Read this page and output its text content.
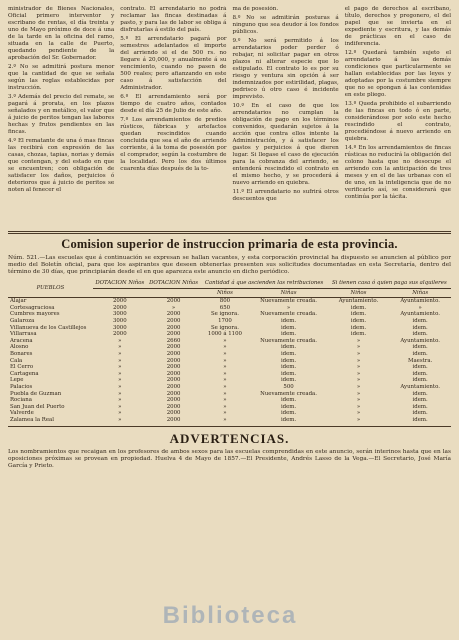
ministrador de Bienes Nacionales, Oficial primero interventor y escribano de rentas, el día treinta y uno de Mayo próximo de doce á una de la tarde en la oficina del ramo, situada en la calle de Puerto, quedando pendiente de la aprobación del Sr. Gobernador.

2.º No se admitirá postura menor que la cantidad de que se señala según las reglas establecidas por instrucción.

3.º Además del precio del remate, se pagará á prorata, en los plazos señalados y en metálico, el valor que á juicio de peritos tengan las labores hechas y frutos pendientes en las fincas.

4.º El rematante de una ó mas fincas las recibirá con expresión de las casas, chozas, tapias, norias y demás que contengan, y del estado en que se encuentren; con obligación de satisfacer los daños, perjuicios ó deterioros que á juicio de peritos se noten al fenecer el

contrato. El arrendatario no podrá reclamar las fincas destinadas á pasto, y para las de labor se obliga á disfrutarlas á estilo del país.

5.º El arrendatario pagará por semestres adelantados el importe del arriendo si el de 500 rs. no llegare á 20,000, y anualmente á su vencimiento, cuando no pasen de 500 reales; pero afianzando en este caso á satisfacción del Administrador.

6.º El arrendamiento será por tiempo de cuatro años, contados desde el día 25 de Julio de este año.

7.º Los arrendamientos de predios rústicos, fábricas y artefactos quedan rescindidos cuando concluida que sea el año de arriendo corriente, á la toma de posesión por el comprador, según la costumbre de la localidad. Pero los dos últimos cuarenta días después de la to-

ma de posesión.

8.º No se admitirán posturas á ninguno que sea deudor á los fondos públicos.

9.º No será permitido á los arrendatarios poder perder ó rebajar, ni solicitar pagar en otros plazos ni alterar especie que lo estipulado. El contrato lo es por su riesgo y ventura sin opción á ser indemnizados por estirilidad, plagas, pedrisco ú otro caso é incidente imprevisto.

10.º En el caso de que los arrendatarios no cumplan la obligación de pago en los términos convenidos, quedarán sujetos á la acción que contra ellos intente la Administración, y á satisfacer los gastos y perjuicios á que dieren lugar. Si llegase el caso de ejecución para la cobranza del arriendo, se entenderá rescindido el contrato en el mismo hecho, y se procederá á nuevo arriendo en quiebra.

11.º El arrendatario no sufrirá otros descuentos que

el pago de derechos al escribano, título, derechos y pregonero, el del papel que se invierta en el expediente y escritura, y las demás de prácticas en el caso de indiferencia.

12.º Quedará también sujeto el arrendatario á las demás condiciones que particularmente se hallan establecidas por las leyes y adoptadas por la costumbre siempre que no se opongan á las contenidas en este pliego.

13.º Queda prohibido el subarriendo de las fincas en todo ó en parte, considerándose por solo este hecho rescindido el contrato, procediéndose á nuevo arriendo en quiebra.

14.º En los arrendamientos de fincas rústicas no reducirá la obligación del colono hasta que no desocupe el arriendo con la anticipación de tres meses y en el de las urbanas con el de uno, en la inteligencia que de no verificarlo así, se considerará que continúa por la tácita.

Comision superior de instruccion primaria de esta provincia.

Núm. 521.—Las escuelas que á continuación se expresan se hallan vacantes, y esta corporación provincial ha dispuesto se anuncien al público por medio del Boletín oficial, para que los aspirantes que deseen obtenerlas presenten sus solicitudes documentadas en esta Secretaría, dentro del término de 30 días, que principiarán desde el en que aparezca este anuncio en dicho periódico.

PUEBLOS	DOTACION Niños	DOTACION Niñas	Cantidad á que ascienden las retribuciones		Si tienen casa ó quien paga sus alquileres	
			Niños	Niñas	Niños	Niñas
Alajar	2000	2000	800	Nuevamente creada.	Ayuntamiento.	Ayuntamiento.
Cortesagraciosa	2000	»	650	»	idem.	»
Cumbres mayores	3000	2000	Se ignora.	Nuevamente creada.	idem.	Ayuntamiento.
Galaroza	3000	2000	1700	idem.	idem.	idem.
Villanueva de los Castillejos	3000	2000	Se ignora.	idem.	idem.	idem.
Villarrasa	2000	2000	1000 á 1100	idem.	idem.	idem.
Aracena	»	2660	»	Nuevamente creada.	»	Ayuntamiento.
Alosno	»	2000	»	idem.	»	idem.
Bonares	»	2000	»	idem.	»	idem.
Cala	»	2000	»	idem.	»	Maestra.
El Cerro	»	2000	»	idem.	»	idem.
Cartagena	»	2000	»	idem.	»	idem.
Lepe	»	2000	»	idem.	»	idem.
Palacios	»	2000	»	500	»	Ayuntamiento.
Puebla de Guzman	»	2000	»	Nuevamente creada.	»	idem.
Rociana	»	2000	»	idem.	»	idem.
San Juan del Puerto	»	2000	»	idem.	»	idem.
Valverde	»	2000	»	idem.	»	idem.
Zalamea la Real	»	2000	»	idem.	»	idem.
ADVERTENCIAS.

Los nombramientos que recaigan en los profesores de ambos sexos para las escuelas comprendidas en este anuncio, serán interinos hasta que en las oposiciones próximas se provean en propiedad. Huelva 4 de Mayo de 1857.—El Presidente, Andrés Lasso de la Vega.—El Secretario, José María García y Prieto.

Biblioteca
